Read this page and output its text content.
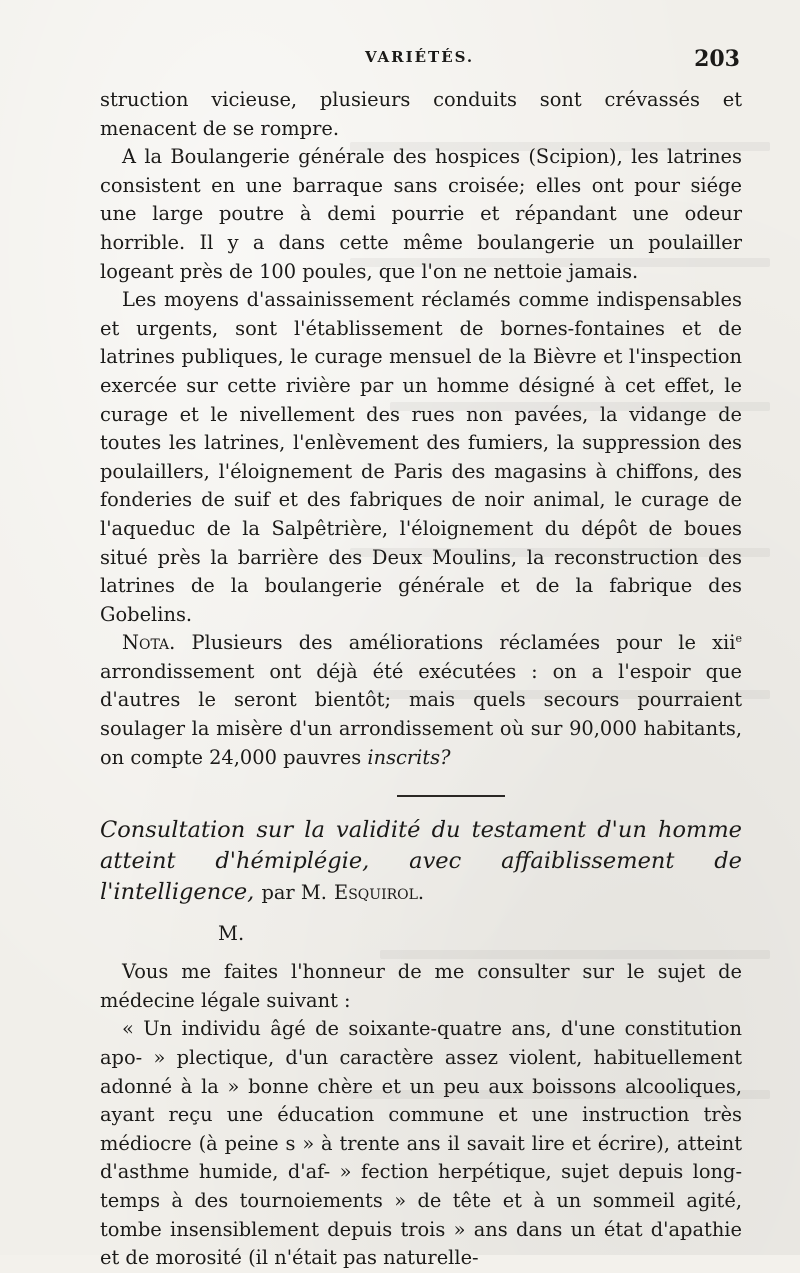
VARIÉTÉS.	203

struction vicieuse, plusieurs conduits sont crévassés et menacent de se rompre.

A la Boulangerie générale des hospices (Scipion), les latrines consistent en une barraque sans croisée; elles ont pour siége une large poutre à demi pourrie et répandant une odeur horrible. Il y a dans cette même boulangerie un poulailler logeant près de 100 poules, que l'on ne nettoie jamais.

Les moyens d'assainissement réclamés comme indispensables et urgents, sont l'établissement de bornes-fontaines et de latrines publiques, le curage mensuel de la Bièvre et l'inspection exercée sur cette rivière par un homme désigné à cet effet, le curage et le nivellement des rues non pavées, la vidange de toutes les latrines, l'enlèvement des fumiers, la suppression des poulaillers, l'éloignement de Paris des magasins à chiffons, des fonderies de suif et des fabriques de noir animal, le curage de l'aqueduc de la Salpêtrière, l'éloignement du dépôt de boues situé près la barrière des Deux Moulins, la reconstruction des latrines de la boulangerie générale et de la fabrique des Gobelins.

Nota. Plusieurs des améliorations réclamées pour le xii$^e$ arrondissement ont déjà été exécutées : on a l'espoir que d'autres le seront bientôt; mais quels secours pourraient soulager la misère d'un arrondissement où sur 90,000 habitants, on compte 24,000 pauvres inscrits?

Consultation sur la validité du testament d'un homme atteint d'hémiplégie, avec affaiblissement de l'intelligence, par M. Esquirol.

M.

Vous me faites l'honneur de me consulter sur le sujet de médecine légale suivant :

« Un individu âgé de soixante-quatre ans, d'une constitution apo- » plectique, d'un caractère assez violent, habituellement adonné à la » bonne chère et un peu aux boissons alcooliques, ayant reçu une éducation commune et une instruction très médiocre (à peine s » à trente ans il savait lire et écrire), atteint d'asthme humide, d'af- » fection herpétique, sujet depuis long-temps à des tournoiements » de tête et à un sommeil agité, tombe insensiblement depuis trois » ans dans un état d'apathie et de morosité (il n'était pas naturelle-
